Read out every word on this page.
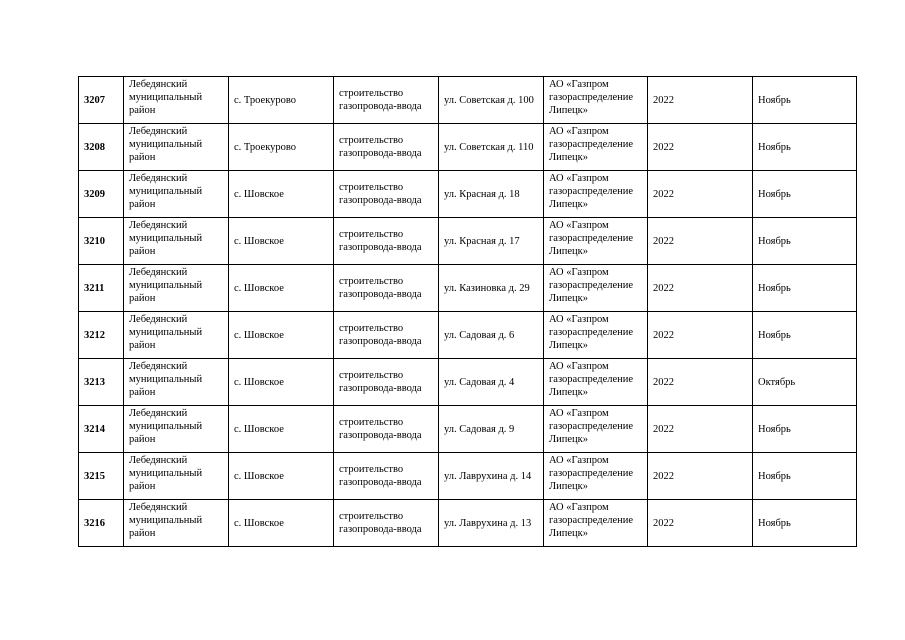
3207	Лебедянский муниципальный район	с. Троекурово	строительство газопровода-ввода	ул. Советская д. 100	АО «Газпром газораспределение Липецк»	2022	Ноябрь

3208	Лебедянский муниципальный район	с. Троекурово	строительство газопровода-ввода	ул. Советская д. 110	АО «Газпром газораспределение Липецк»	2022	Ноябрь

3209	Лебедянский муниципальный район	с. Шовское	строительство газопровода-ввода	ул. Красная д. 18	АО «Газпром газораспределение Липецк»	2022	Ноябрь

3210	Лебедянский муниципальный район	с. Шовское	строительство газопровода-ввода	ул. Красная д. 17	АО «Газпром газораспределение Липецк»	2022	Ноябрь

3211	Лебедянский муниципальный район	с. Шовское	строительство газопровода-ввода	ул. Казиновка д. 29	АО «Газпром газораспределение Липецк»	2022	Ноябрь

3212	Лебедянский муниципальный район	с. Шовское	строительство газопровода-ввода	ул. Садовая д. 6	АО «Газпром газораспределение Липецк»	2022	Ноябрь

3213	Лебедянский муниципальный район	с. Шовское	строительство газопровода-ввода	ул. Садовая д. 4	АО «Газпром газораспределение Липецк»	2022	Октябрь

3214	Лебедянский муниципальный район	с. Шовское	строительство газопровода-ввода	ул. Садовая д. 9	АО «Газпром газораспределение Липецк»	2022	Ноябрь

3215	Лебедянский муниципальный район	с. Шовское	строительство газопровода-ввода	ул. Лаврухина д. 14	АО «Газпром газораспределение Липецк»	2022	Ноябрь

3216	Лебедянский муниципальный район	с. Шовское	строительство газопровода-ввода	ул. Лаврухина д. 13	АО «Газпром газораспределение Липецк»	2022	Ноябрь
